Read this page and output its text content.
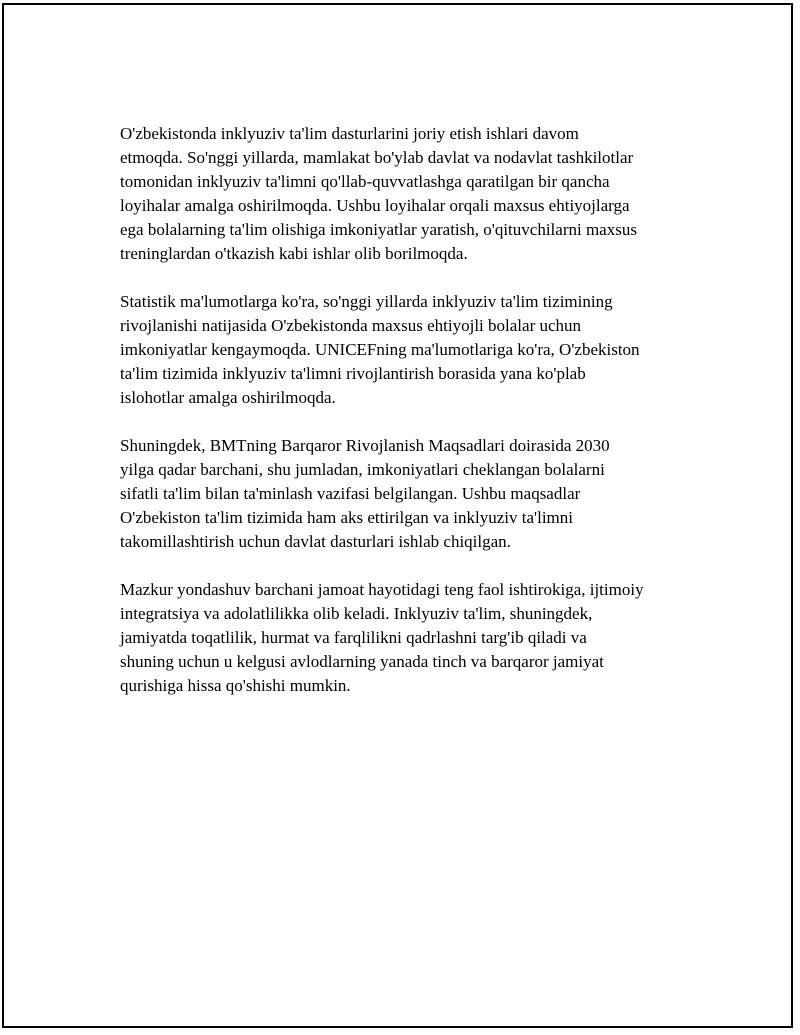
O'zbekistonda inklyuziv ta'lim dasturlarini joriy etish ishlari davom
etmoqda. So'nggi yillarda, mamlakat bo'ylab davlat va nodavlat tashkilotlar
tomonidan inklyuziv ta'limni qo'llab-quvvatlashga qaratilgan bir qancha
loyihalar amalga oshirilmoqda. Ushbu loyihalar orqali maxsus ehtiyojlarga
ega bolalarning ta'lim olishiga imkoniyatlar yaratish, o'qituvchilarni maxsus
treninglardan o'tkazish kabi ishlar olib borilmoqda.

Statistik ma'lumotlarga ko'ra, so'nggi yillarda inklyuziv ta'lim tizimining
rivojlanishi natijasida O'zbekistonda maxsus ehtiyojli bolalar uchun
imkoniyatlar kengaymoqda. UNICEFning ma'lumotlariga ko'ra, O'zbekiston
ta'lim tizimida inklyuziv ta'limni rivojlantirish borasida yana ko'plab
islohotlar amalga oshirilmoqda.

Shuningdek, BMTning Barqaror Rivojlanish Maqsadlari doirasida 2030
yilga qadar barchani, shu jumladan, imkoniyatlari cheklangan bolalarni
sifatli ta'lim bilan ta'minlash vazifasi belgilangan. Ushbu maqsadlar
O'zbekiston ta'lim tizimida ham aks ettirilgan va inklyuziv ta'limni
takomillashtirish uchun davlat dasturlari ishlab chiqilgan.

Mazkur yondashuv barchani jamoat hayotidagi teng faol ishtirokiga, ijtimoiy
integratsiya va adolatlilikka olib keladi. Inklyuziv ta'lim, shuningdek,
jamiyatda toqatlilik, hurmat va farqlilikni qadrlashni targ'ib qiladi va
shuning uchun u kelgusi avlodlarning yanada tinch va barqaror jamiyat
qurishiga hissa qo'shishi mumkin.
